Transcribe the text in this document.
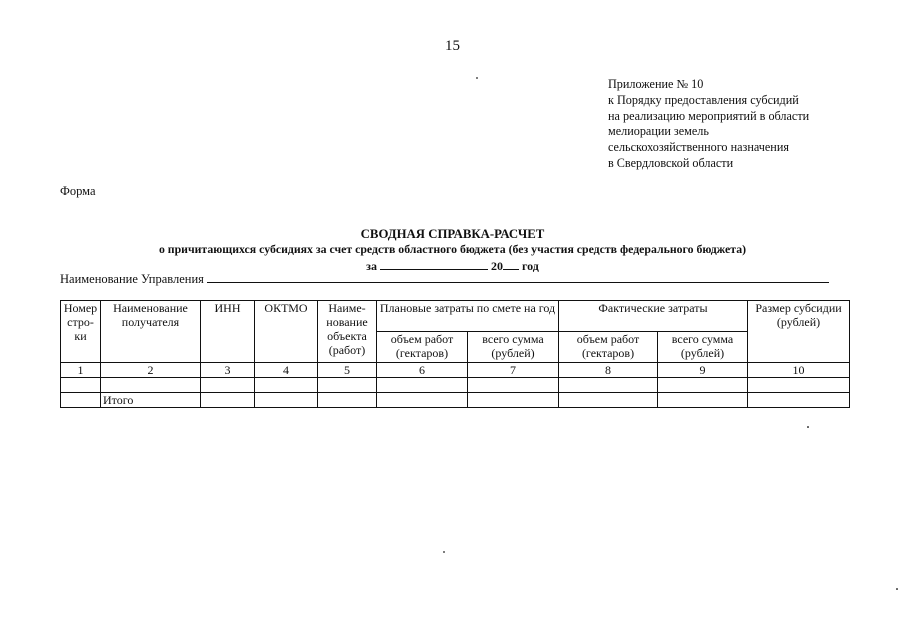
15
Приложение № 10
к Порядку предоставления субсидий
на реализацию мероприятий в области
мелиорации земель
сельскохозяйственного назначения
в Свердловской области
Форма
СВОДНАЯ СПРАВКА-РАСЧЕТ
о причитающихся субсидиях за счет средств областного бюджета (без участия средств федерального бюджета)
за	20 год
Наименование Управления
Номер стро- ки	Наименование получателя	ИНН	ОКТМО	Наиме- нование объекта (работ)	Плановые затраты по смете на год		Фактические затраты		Размер субсидии (рублей)
					объем работ (гектаров)	всего сумма (рублей)	объем работ (гектаров)	всего сумма (рублей)	
1	2	3	4	5	6	7	8	9	10

	Итого								
